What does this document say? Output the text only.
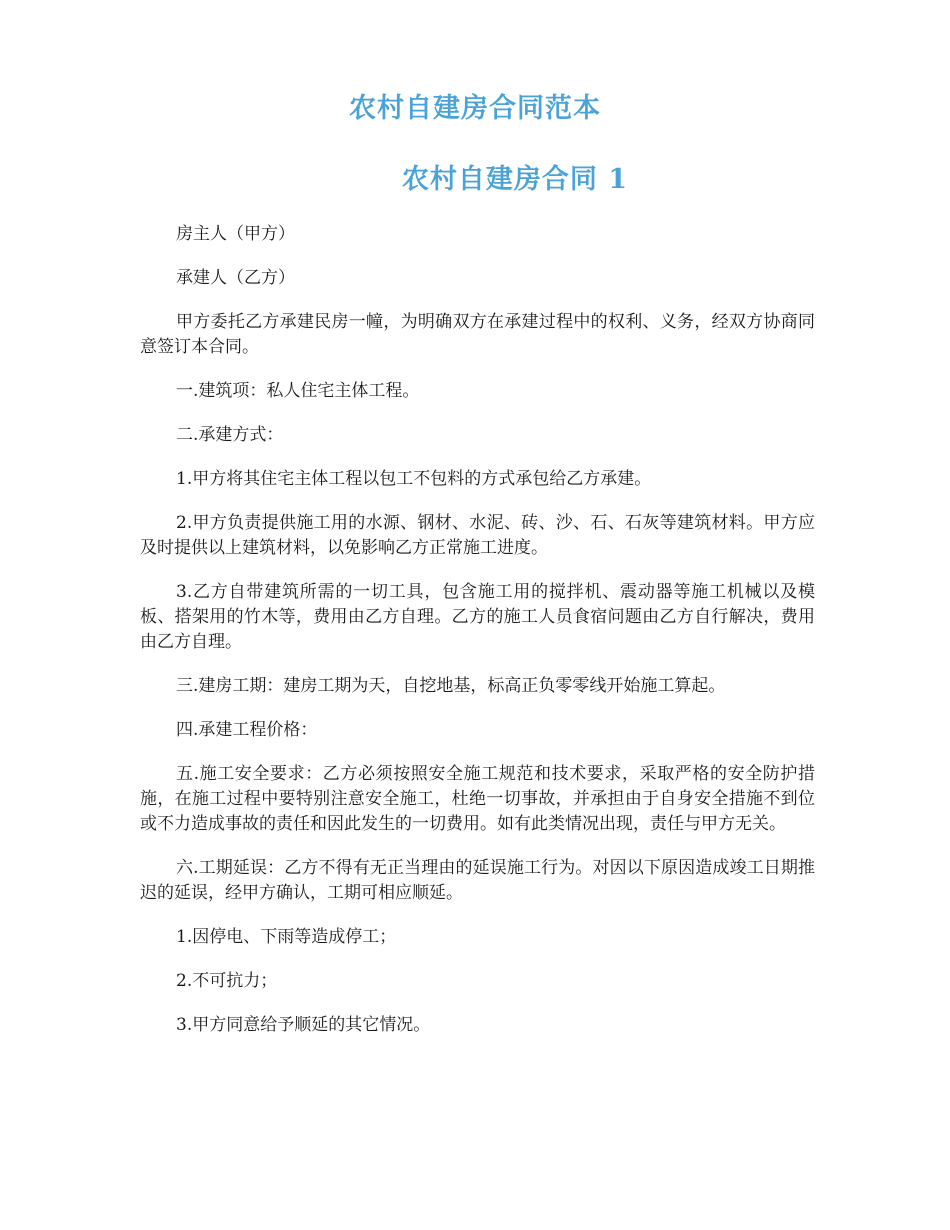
农村自建房合同范本
农村自建房合同 1

房主人（甲方）

承建人（乙方）

甲方委托乙方承建民房一幢，为明确双方在承建过程中的权利、义务，经双方协商同意签订本合同。

一.建筑项：私人住宅主体工程。

二.承建方式：

1.甲方将其住宅主体工程以包工不包料的方式承包给乙方承建。

2.甲方负责提供施工用的水源、钢材、水泥、砖、沙、石、石灰等建筑材料。甲方应及时提供以上建筑材料，以免影响乙方正常施工进度。

3.乙方自带建筑所需的一切工具，包含施工用的搅拌机、震动器等施工机械以及模板、搭架用的竹木等，费用由乙方自理。乙方的施工人员食宿问题由乙方自行解决，费用由乙方自理。

三.建房工期：建房工期为天，自挖地基，标高正负零零线开始施工算起。

四.承建工程价格：

五.施工安全要求：乙方必须按照安全施工规范和技术要求，采取严格的安全防护措施，在施工过程中要特别注意安全施工，杜绝一切事故，并承担由于自身安全措施不到位或不力造成事故的责任和因此发生的一切费用。如有此类情况出现，责任与甲方无关。

六.工期延误：乙方不得有无正当理由的延误施工行为。对因以下原因造成竣工日期推迟的延误，经甲方确认，工期可相应顺延。

1.因停电、下雨等造成停工；

2.不可抗力；

3.甲方同意给予顺延的其它情况。
